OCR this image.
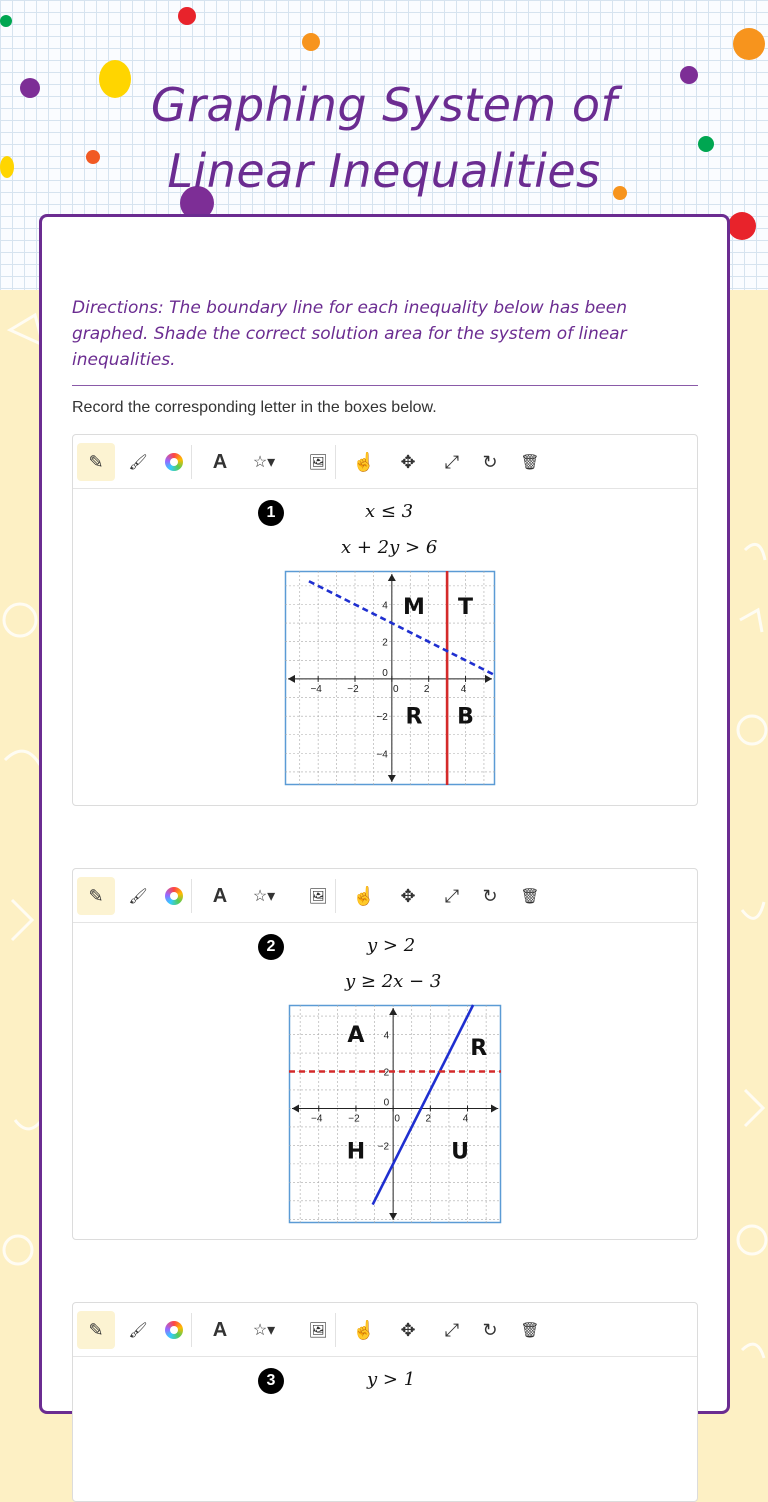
Graphing System of
Linear Inequalities
Directions: The boundary line for each inequality below has been graphed. Shade the correct solution area for the system of linear inequalities.
Record the corresponding letter in the boxes below.
✎	🖌	A	☆▾	🖼	☝	✥	⤢	↻	🗑
1	x ≤ 3
x + 2y > 6
−4	−2	0	2	4
4
2
0
−2
−4
M T
R B
✎	🖌	A	☆▾	🖼	☝	✥	⤢	↻	🗑
2	y > 2
y ≥ 2x − 3
−4	−2	0	2	4
4
2
0
−2
A
R
H	U
✎	🖌	A	☆▾	🖼	☝	✥	⤢	↻	🗑
3	y > 1
